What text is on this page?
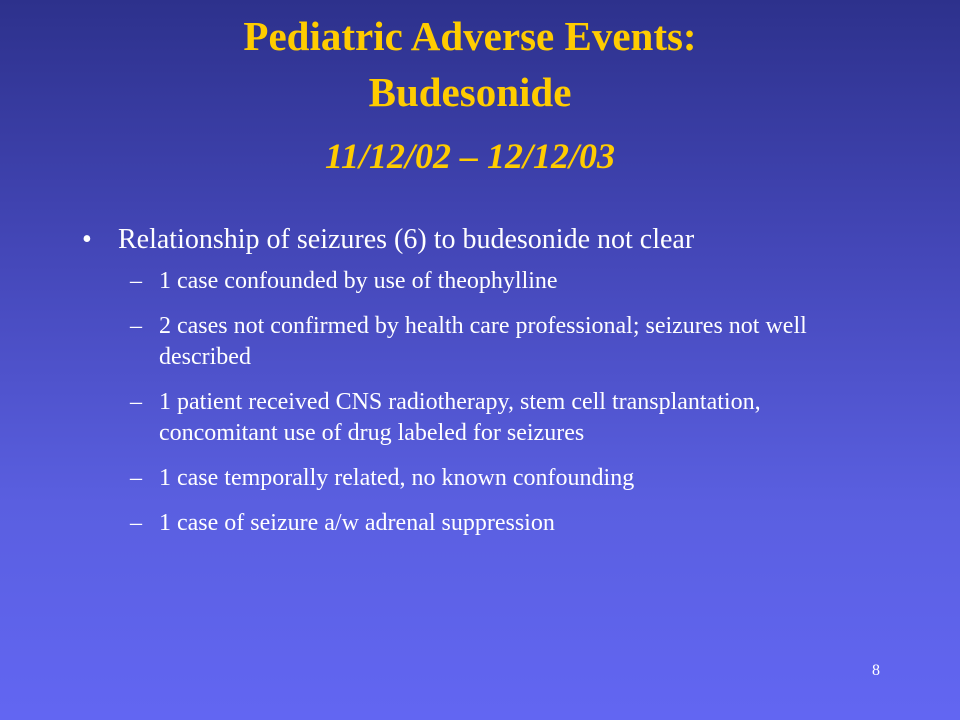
Pediatric Adverse Events:
Budesonide
11/12/02 – 12/12/03
• Relationship of seizures (6) to budesonide not clear
– 1 case confounded by use of theophylline
– 2 cases not confirmed by health care professional; seizures not well described
– 1 patient received CNS radiotherapy, stem cell transplantation, concomitant use of drug labeled for seizures
– 1 case temporally related, no known confounding
– 1 case of seizure a/w adrenal suppression
8
